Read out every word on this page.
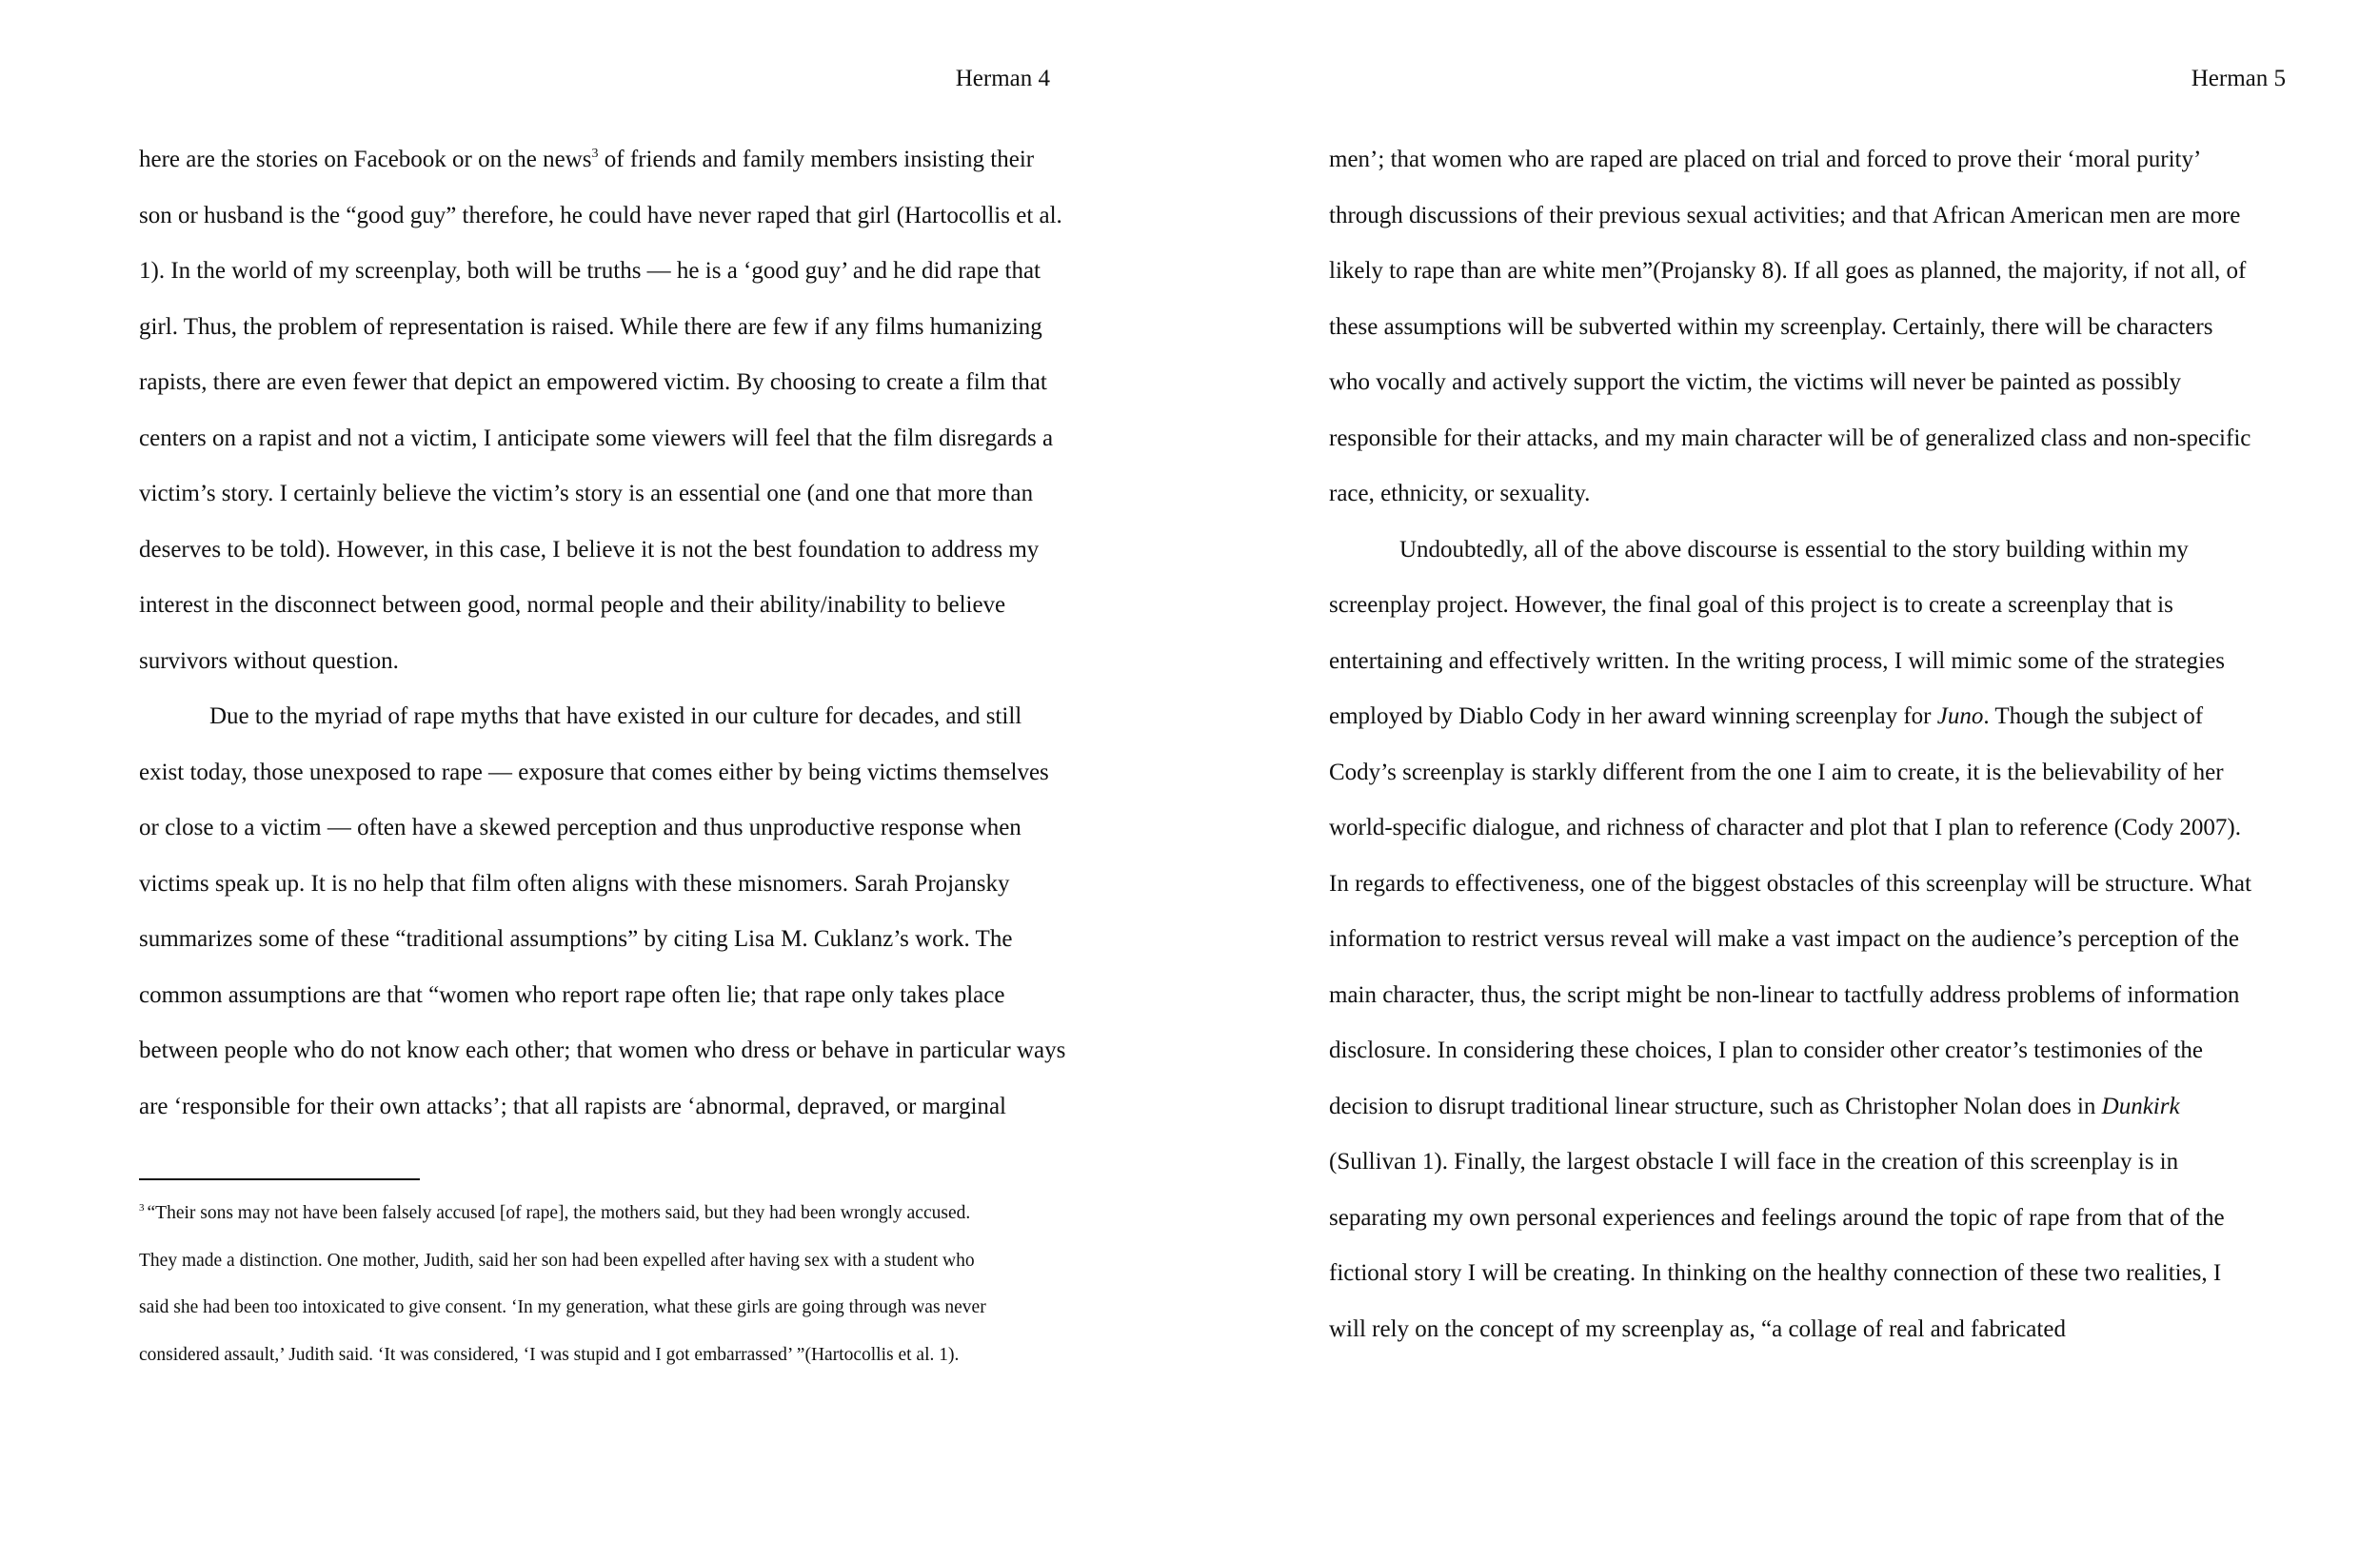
Herman 4
here are the stories on Facebook or on the news$^3$ of friends and family members insisting their
son or husband is the “good guy” therefore, he could have never raped that girl (Hartocollis et al.
1). In the world of my screenplay, both will be truths — he is a ‘good guy’ and he did rape that
girl. Thus, the problem of representation is raised. While there are few if any films humanizing
rapists, there are even fewer that depict an empowered victim. By choosing to create a film that
centers on a rapist and not a victim, I anticipate some viewers will feel that the film disregards a
victim’s story. I certainly believe the victim’s story is an essential one (and one that more than
deserves to be told). However, in this case, I believe it is not the best foundation to address my
interest in the disconnect between good, normal people and their ability/inability to believe
survivors without question.
Due to the myriad of rape myths that have existed in our culture for decades, and still
exist today, those unexposed to rape — exposure that comes either by being victims themselves
or close to a victim — often have a skewed perception and thus unproductive response when
victims speak up. It is no help that film often aligns with these misnomers. Sarah Projansky
summarizes some of these “traditional assumptions” by citing Lisa M. Cuklanz’s work. The
common assumptions are that “women who report rape often lie; that rape only takes place
between people who do not know each other; that women who dress or behave in particular ways
are ‘responsible for their own attacks’; that all rapists are ‘abnormal, depraved, or marginal
$^3$ “Their sons may not have been falsely accused [of rape], the mothers said, but they had been wrongly accused.
They made a distinction. One mother, Judith, said her son had been expelled after having sex with a student who
said she had been too intoxicated to give consent. ‘In my generation, what these girls are going through was never
considered assault,’ Judith said. ‘It was considered, ‘I was stupid and I got embarrassed’ ”(Hartocollis et al. 1).
Herman 5
men’; that women who are raped are placed on trial and forced to prove their ‘moral purity’
through discussions of their previous sexual activities; and that African American men are more
likely to rape than are white men”(Projansky 8). If all goes as planned, the majority, if not all, of
these assumptions will be subverted within my screenplay. Certainly, there will be characters
who vocally and actively support the victim, the victims will never be painted as possibly
responsible for their attacks, and my main character will be of generalized class and non-specific
race, ethnicity, or sexuality.
Undoubtedly, all of the above discourse is essential to the story building within my
screenplay project. However, the final goal of this project is to create a screenplay that is
entertaining and effectively written. In the writing process, I will mimic some of the strategies
employed by Diablo Cody in her award winning screenplay for Juno. Though the subject of
Cody’s screenplay is starkly different from the one I aim to create, it is the believability of her
world-specific dialogue, and richness of character and plot that I plan to reference (Cody 2007).
In regards to effectiveness, one of the biggest obstacles of this screenplay will be structure. What
information to restrict versus reveal will make a vast impact on the audience’s perception of the
main character, thus, the script might be non-linear to tactfully address problems of information
disclosure. In considering these choices, I plan to consider other creator’s testimonies of the
decision to disrupt traditional linear structure, such as Christopher Nolan does in Dunkirk
(Sullivan 1). Finally, the largest obstacle I will face in the creation of this screenplay is in
separating my own personal experiences and feelings around the topic of rape from that of the
fictional story I will be creating. In thinking on the healthy connection of these two realities, I
will rely on the concept of my screenplay as, “a collage of real and fabricated
